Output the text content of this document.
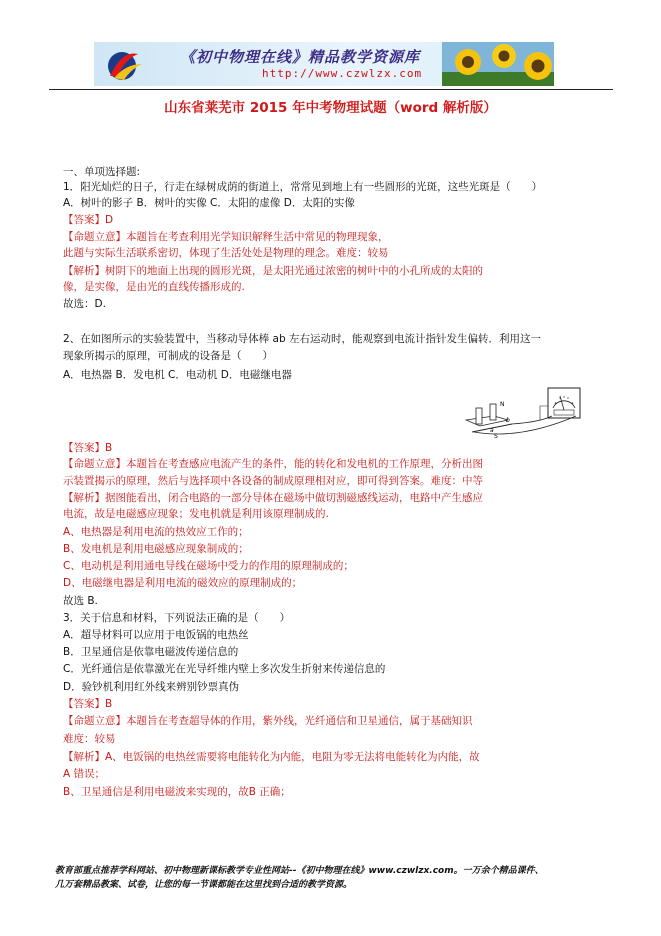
《初中物理在线》精品教学资源库
http://www.czwlzx.com
山东省莱芜市 2015 年中考物理试题（word 解析版）
一、单项选择题:
1．阳光灿烂的日子，行走在绿树成荫的街道上，常常见到地上有一些圆形的光斑，这些光斑是（　　）
A．树叶的影子 B．树叶的实像 C．太阳的虚像 D．太阳的实像
【答案】D
【命题立意】本题旨在考查利用光学知识解释生活中常见的物理现象，
此题与实际生活联系密切，体现了生活处处是物理的理念。难度：较易
【解析】树阴下的地面上出现的圆形光斑，是太阳光通过浓密的树叶中的小孔所成的太阳的
像，是实像，是由光的直线传播形成的.
故选：D.
2、在如图所示的实验装置中，当移动导体棒 ab 左右运动时，能观察到电流计指针发生偏转．利用这一
现象所揭示的原理，可制成的设备是（　　）
A．电热器 B．发电机 C．电动机 D．电磁继电器
N
S
a
b
【答案】B
【命题立意】本题旨在考查感应电流产生的条件，能的转化和发电机的工作原理，分析出图
示装置揭示的原理，然后与选择项中各设备的制成原理相对应，即可得到答案。难度：中等
【解析】据图能看出，闭合电路的一部分导体在磁场中做切割磁感线运动，电路中产生感应
电流，故是电磁感应现象；发电机就是利用该原理制成的.
A、电热器是利用电流的热效应工作的；
B、发电机是利用电磁感应现象制成的；
C、电动机是利用通电导线在磁场中受力的作用的原理制成的；
D、电磁继电器是利用电流的磁效应的原理制成的；
故选 B.
3．关于信息和材料，下列说法正确的是（　　）
A．超导材料可以应用于电饭锅的电热丝
B．卫星通信是依靠电磁波传递信息的
C．光纤通信是依靠激光在光导纤维内壁上多次发生折射来传递信息的
D．验钞机利用红外线来辨别钞票真伪
【答案】B
【命题立意】本题旨在考查超导体的作用，紫外线，光纤通信和卫星通信，属于基础知识
难度：较易
【解析】A、电饭锅的电热丝需要将电能转化为内能，电阻为零无法将电能转化为内能，故
A 错误；
B、卫星通信是利用电磁波来实现的，故B 正确；
教育部重点推荐学科网站、初中物理新课标教学专业性网站--《初中物理在线》www.czwlzx.com。一万余个精品课件、
几万套精品教案、试卷，让您的每一节课都能在这里找到合适的教学资源。
